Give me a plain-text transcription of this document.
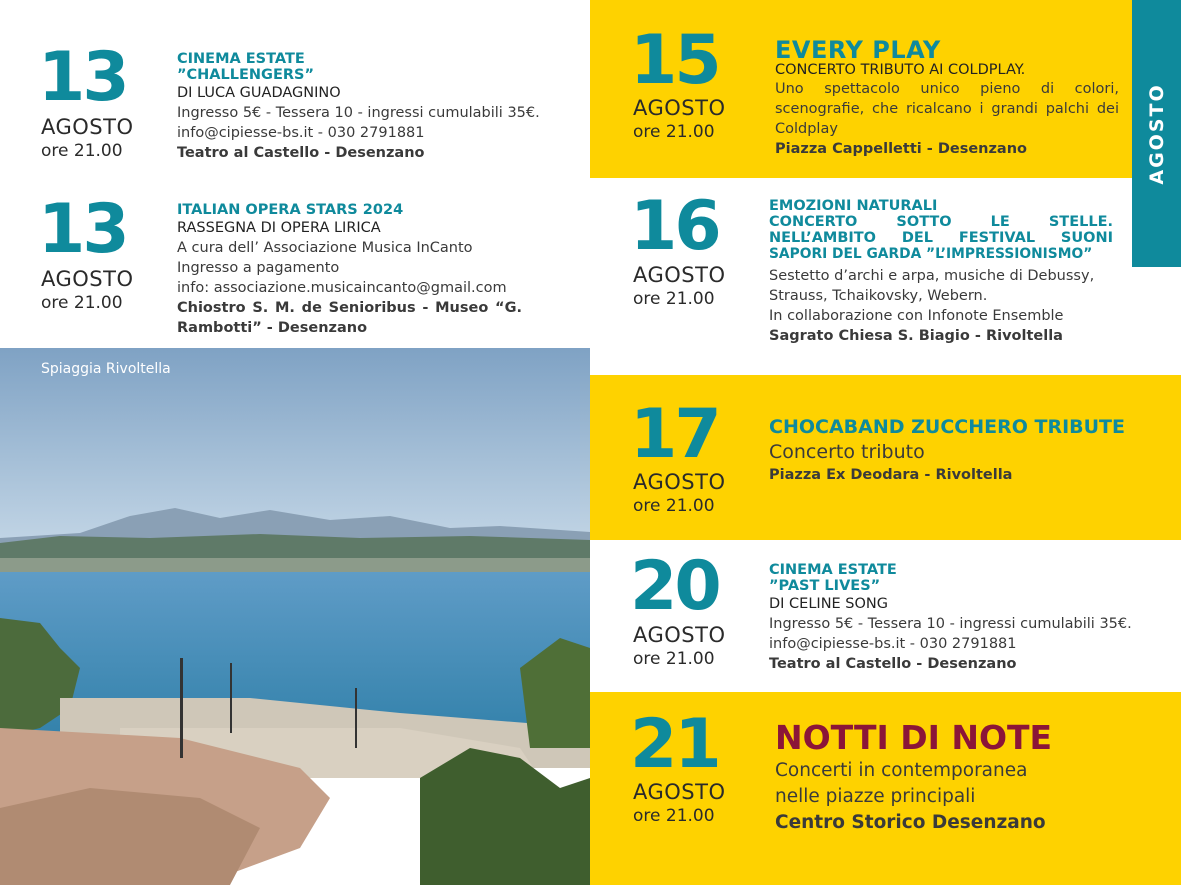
AGOSTO
13
AGOSTO
ore 21.00
CINEMA ESTATE
”CHALLENGERS”
DI LUCA GUADAGNINO
Ingresso 5€ - Tessera 10 - ingressi cumulabili 35€.
info@cipiesse-bs.it - 030 2791881
Teatro al Castello - Desenzano
13
AGOSTO
ore 21.00
ITALIAN OPERA STARS 2024
RASSEGNA DI OPERA LIRICA
A cura dell’ Associazione Musica InCanto
Ingresso a pagamento
info: associazione.musicaincanto@gmail.com
Chiostro S. M. de Senioribus - Museo “G. Rambotti” - Desenzano
Spiaggia Rivoltella
15
AGOSTO
ore 21.00
EVERY PLAY
CONCERTO TRIBUTO AI COLDPLAY.
Uno spettacolo unico pieno di colori, scenografie, che ricalcano i grandi palchi dei Coldplay
Piazza Cappelletti - Desenzano
16
AGOSTO
ore 21.00
EMOZIONI NATURALI
CONCERTO SOTTO LE STELLE.
NELL’AMBITO DEL FESTIVAL SUONI
SAPORI DEL GARDA ”L’IMPRESSIONISMO”
Sestetto d’archi e arpa, musiche di Debussy, Strauss, Tchaikovsky, Webern.
In collaborazione con Infonote Ensemble
Sagrato Chiesa S. Biagio - Rivoltella
17
AGOSTO
ore 21.00
CHOCABAND ZUCCHERO TRIBUTE
Concerto tributo
Piazza Ex Deodara - Rivoltella
20
AGOSTO
ore 21.00
CINEMA ESTATE
”PAST LIVES”
DI CELINE SONG
Ingresso 5€ - Tessera 10 - ingressi cumulabili 35€.
info@cipiesse-bs.it - 030 2791881
Teatro al Castello - Desenzano
21
AGOSTO
ore 21.00
NOTTI DI NOTE
Concerti in contemporanea
nelle piazze principali
Centro Storico Desenzano
